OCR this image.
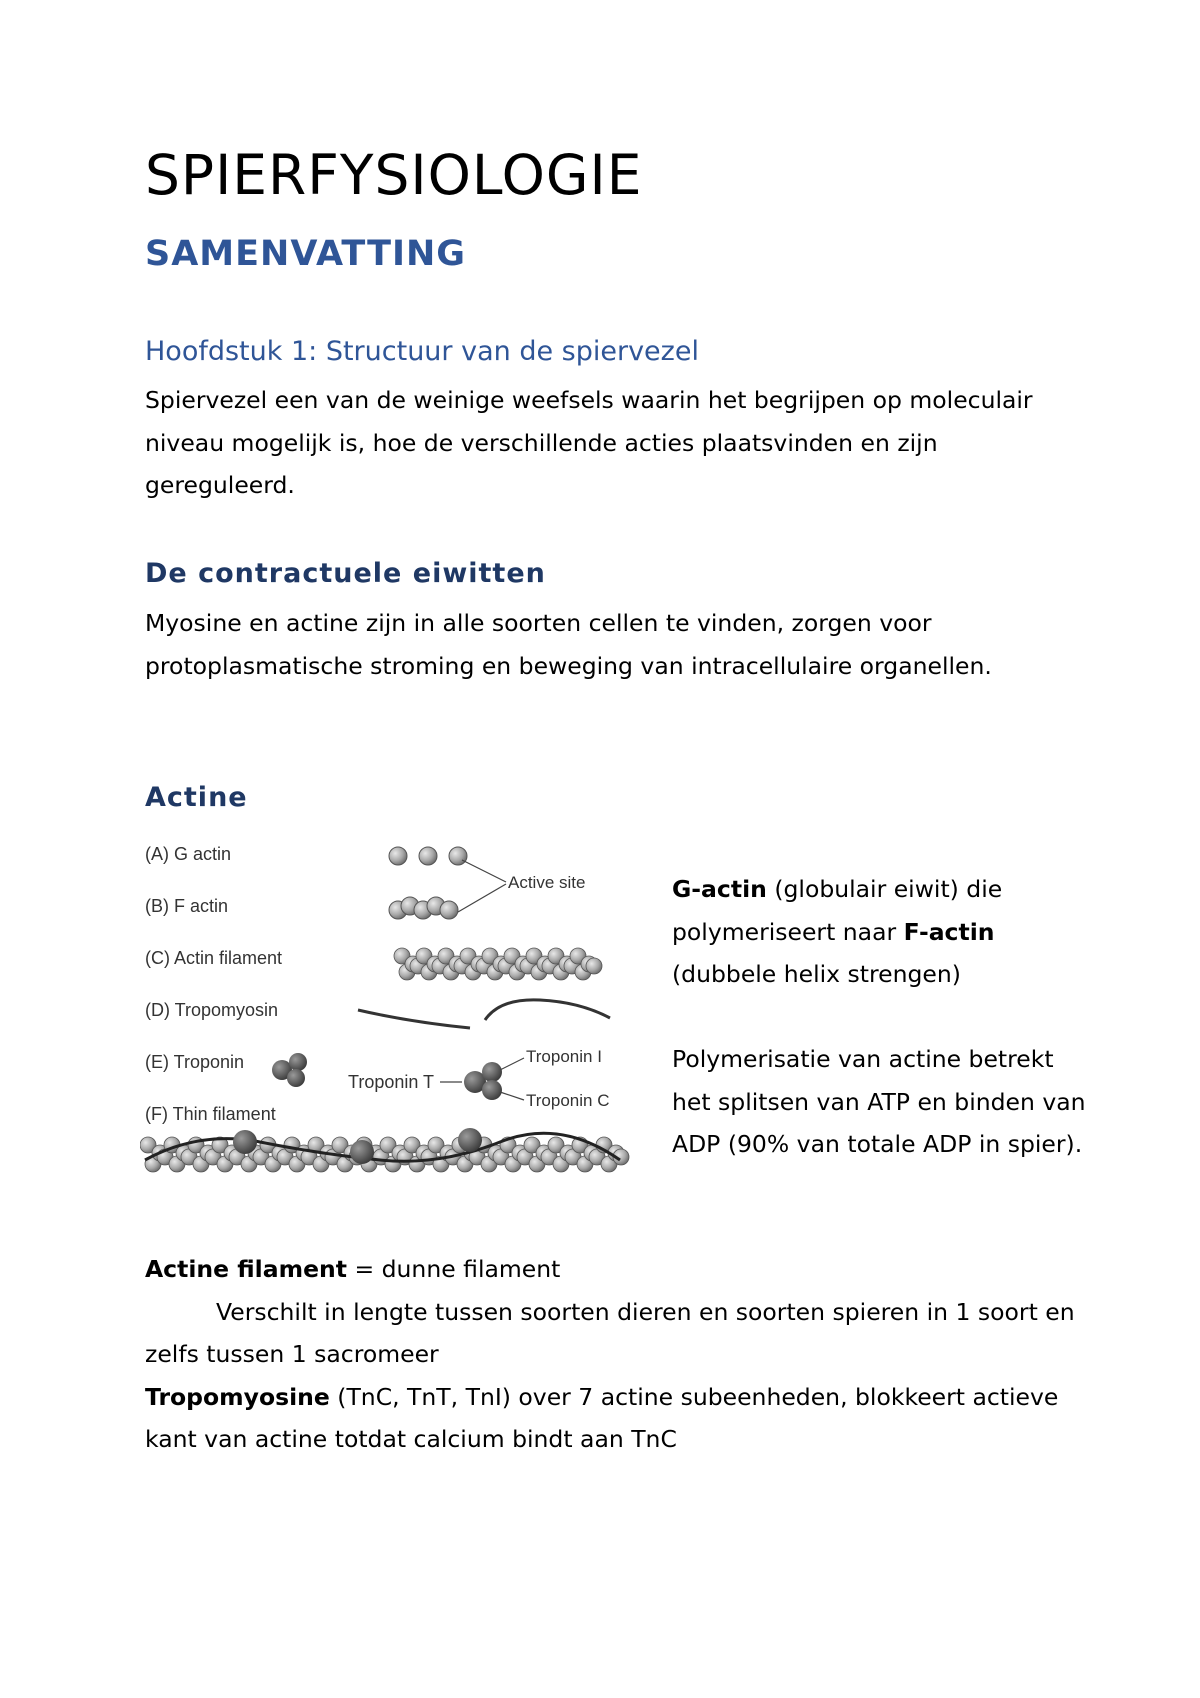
SPIERFYSIOLOGIE
SAMENVATTING
Hoofdstuk 1: Structuur van de spiervezel
Spiervezel een van de weinige weefsels waarin het begrijpen op moleculair niveau mogelijk is, hoe de verschillende acties plaatsvinden en zijn gereguleerd.
De contractuele eiwitten
Myosine en actine zijn in alle soorten cellen te vinden, zorgen voor protoplasmatische stroming en beweging van intracellulaire organellen.
Actine
(A) G actin
(B) F actin
(C) Actin filament
(D) Tropomyosin
(E) Troponin
(F) Thin filament
Active site
Troponin T
Troponin I
Troponin C

G-actin (globulair eiwit) die polymeriseert naar F-actin (dubbele helix strengen)

Polymerisatie van actine betrekt het splitsen van ATP en binden van ADP (90% van totale ADP in spier).

Actine filament = dunne filament

Verschilt in lengte tussen soorten dieren en soorten spieren in 1 soort en zelfs tussen 1 sacromeer

Tropomyosine (TnC, TnT, TnI) over 7 actine subeenheden, blokkeert actieve kant van actine totdat calcium bindt aan TnC
